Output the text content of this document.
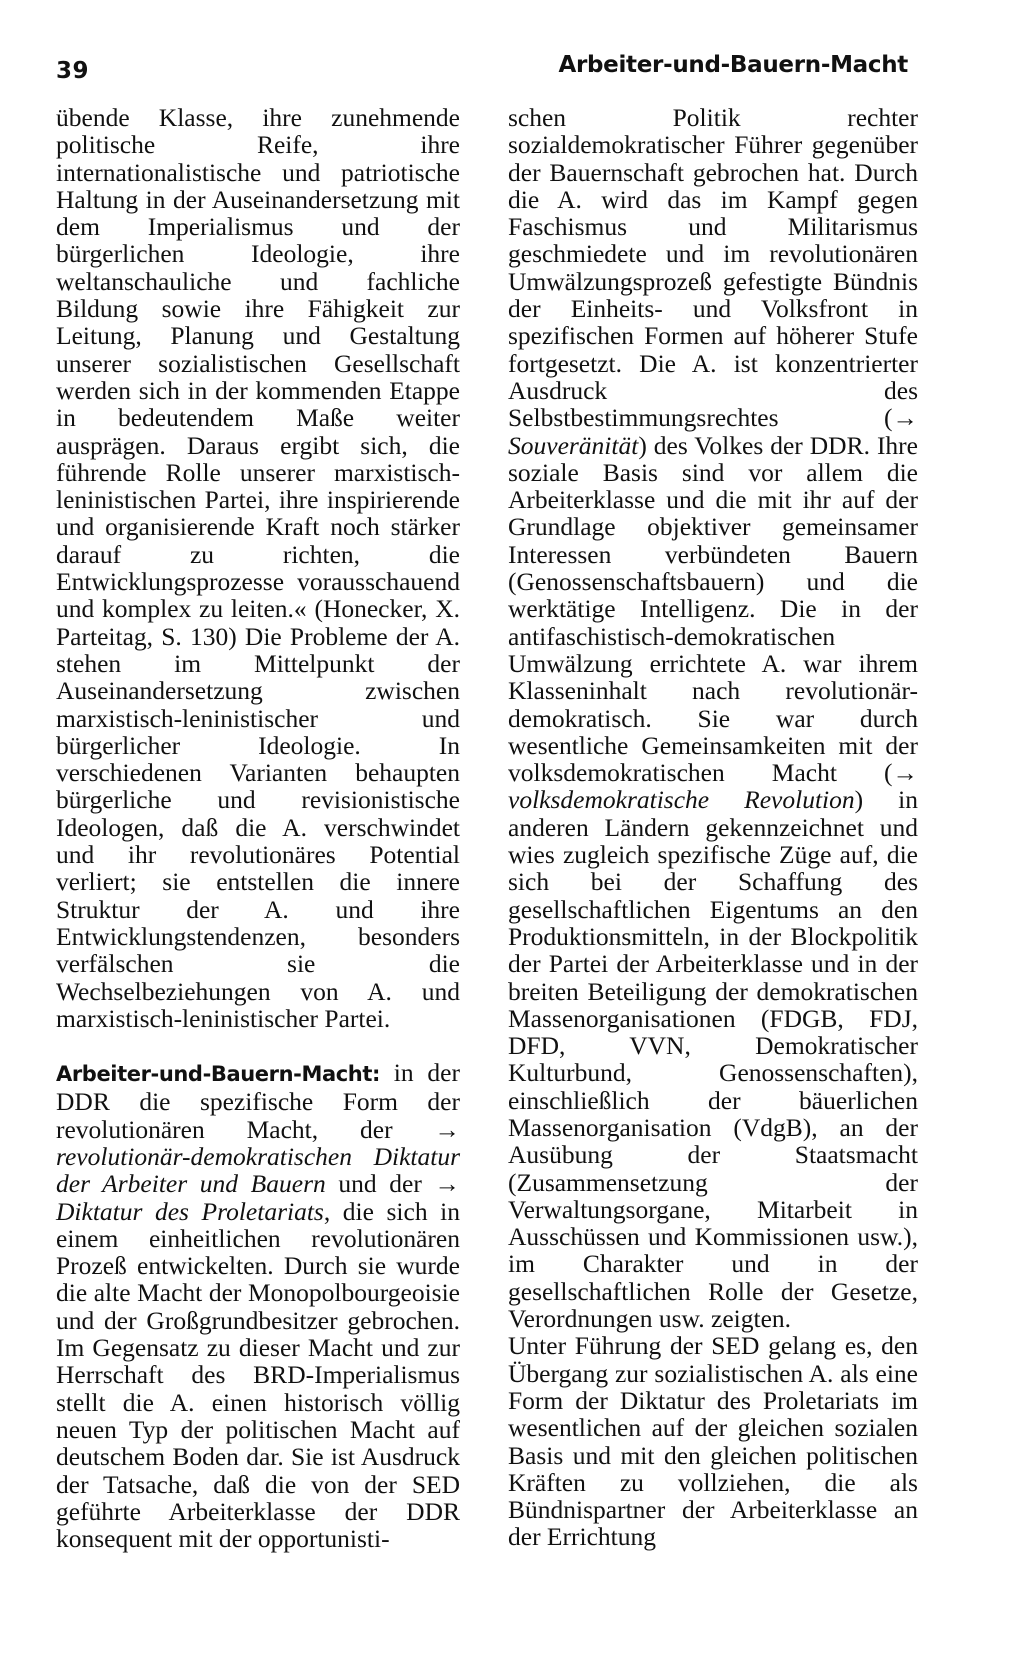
39	Arbeiter-und-Bauern-Macht

übende Klasse, ihre zunehmende politische Reife, ihre internationalistische und patriotische Haltung in der Auseinandersetzung mit dem Imperialismus und der bürgerlichen Ideologie, ihre weltanschauliche und fachliche Bildung sowie ihre Fähigkeit zur Leitung, Planung und Gestaltung unserer sozialistischen Gesellschaft werden sich in der kommenden Etappe in bedeutendem Maße weiter ausprägen. Daraus ergibt sich, die führende Rolle unserer marxistisch-leninistischen Partei, ihre inspirierende und organisierende Kraft noch stärker darauf zu richten, die Entwicklungsprozesse vorausschauend und komplex zu leiten.« (Honecker, X. Parteitag, S. 130) Die Probleme der A. stehen im Mittelpunkt der Auseinandersetzung zwischen marxistisch-leninistischer und bürgerlicher Ideologie. In verschiedenen Varianten behaupten bürgerliche und revisionistische Ideologen, daß die A. verschwindet und ihr revolutionäres Potential verliert; sie entstellen die innere Struktur der A. und ihre Entwicklungstendenzen, besonders verfälschen sie die Wechselbeziehungen von A. und marxistisch-leninistischer Partei.

Arbeiter-und-Bauern-Macht: in der DDR die spezifische Form der revolutionären Macht, der → revolutionär-demokratischen Diktatur der Arbeiter und Bauern und der → Diktatur des Proletariats, die sich in einem einheitlichen revolutionären Prozeß entwickelten. Durch sie wurde die alte Macht der Monopolbourgeoisie und der Großgrundbesitzer gebrochen. Im Gegensatz zu dieser Macht und zur Herrschaft des BRD-Imperialismus stellt die A. einen historisch völlig neuen Typ der politischen Macht auf deutschem Boden dar. Sie ist Ausdruck der Tatsache, daß die von der SED geführte Arbeiterklasse der DDR konsequent mit der opportunisti-

schen Politik rechter sozialdemokratischer Führer gegenüber der Bauernschaft gebrochen hat. Durch die A. wird das im Kampf gegen Faschismus und Militarismus geschmiedete und im revolutionären Umwälzungsprozeß gefestigte Bündnis der Einheits- und Volksfront in spezifischen Formen auf höherer Stufe fortgesetzt. Die A. ist konzentrierter Ausdruck des Selbstbestimmungsrechtes (→ Souveränität) des Volkes der DDR. Ihre soziale Basis sind vor allem die Arbeiterklasse und die mit ihr auf der Grundlage objektiver gemeinsamer Interessen verbündeten Bauern (Genossenschaftsbauern) und die werktätige Intelligenz. Die in der antifaschistisch-demokratischen Umwälzung errichtete A. war ihrem Klasseninhalt nach revolutionär-demokratisch. Sie war durch wesentliche Gemeinsamkeiten mit der volksdemokratischen Macht (→ volksdemokratische Revolution) in anderen Ländern gekennzeichnet und wies zugleich spezifische Züge auf, die sich bei der Schaffung des gesellschaftlichen Eigentums an den Produktionsmitteln, in der Blockpolitik der Partei der Arbeiterklasse und in der breiten Beteiligung der demokratischen Massenorganisationen (FDGB, FDJ, DFD, VVN, Demokratischer Kulturbund, Genossenschaften), einschließlich der bäuerlichen Massenorganisation (VdgB), an der Ausübung der Staatsmacht (Zusammensetzung der Verwaltungsorgane, Mitarbeit in Ausschüssen und Kommissionen usw.), im Charakter und in der gesellschaftlichen Rolle der Gesetze, Verordnungen usw. zeigten.

Unter Führung der SED gelang es, den Übergang zur sozialistischen A. als eine Form der Diktatur des Proletariats im wesentlichen auf der gleichen sozialen Basis und mit den gleichen politischen Kräften zu vollziehen, die als Bündnispartner der Arbeiterklasse an der Errichtung
